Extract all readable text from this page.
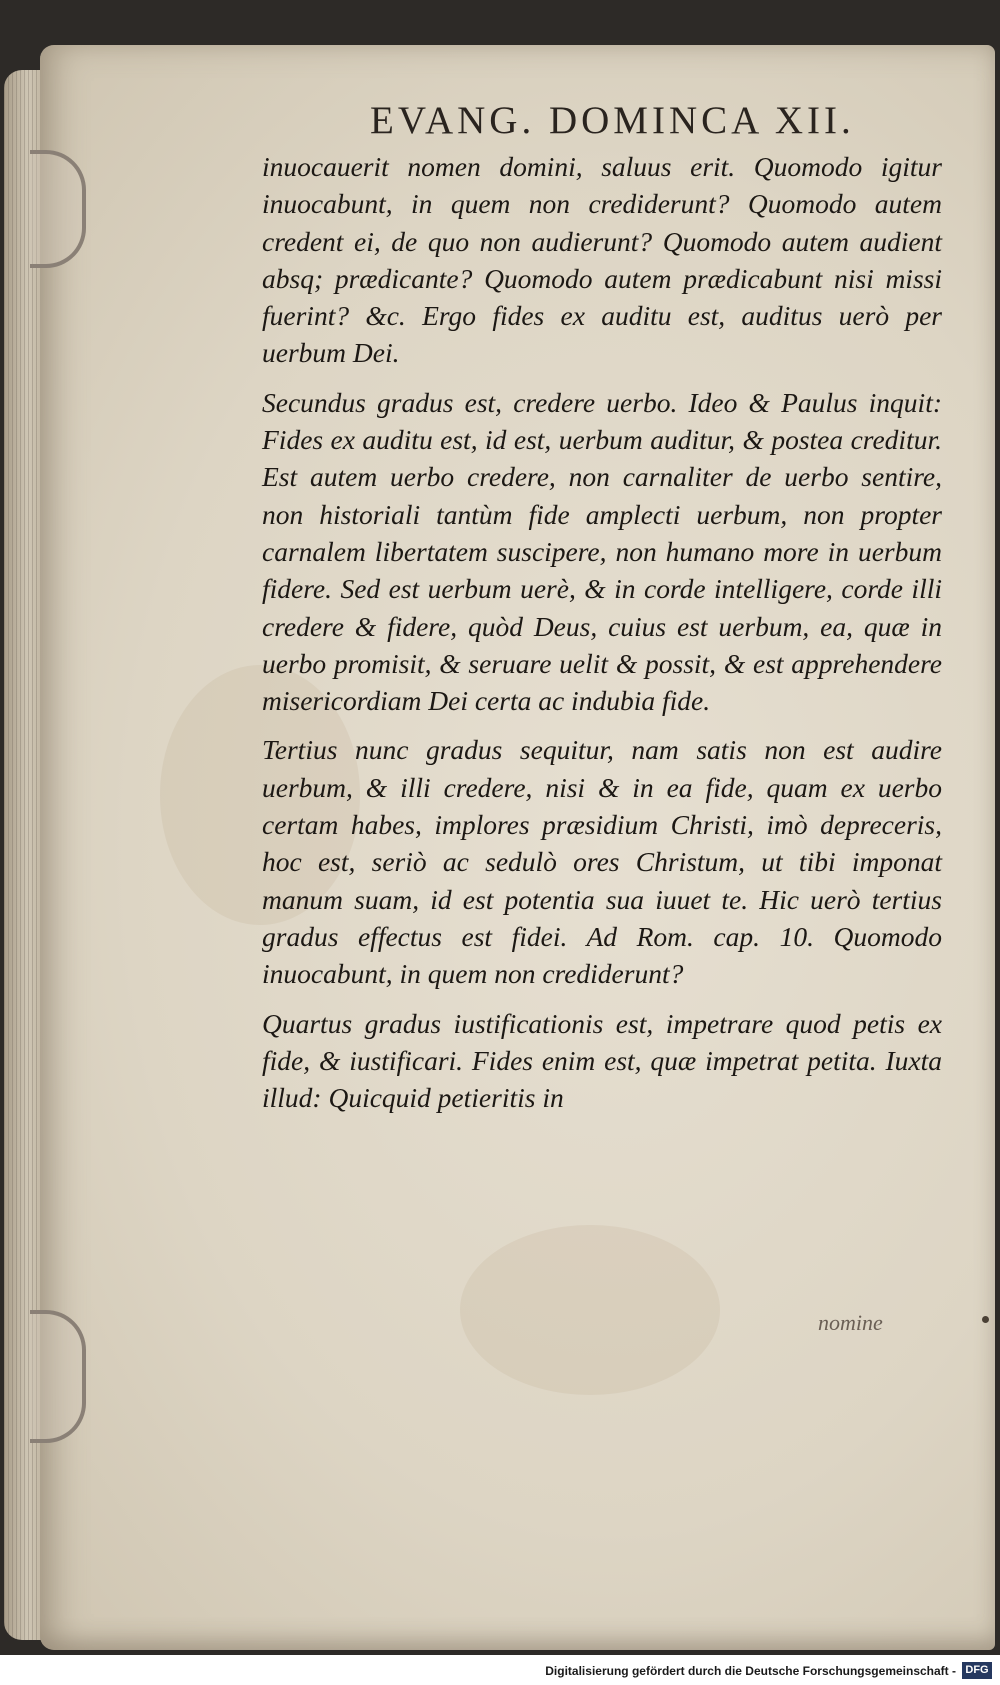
EVANG. DOMINCA XII.

inuocauerit nomen domini, saluus erit. Quomodo igitur inuocabunt, in quem non crediderunt? Quomodo autem credent ei, de quo non audierunt? Quomodo autem audient absq; prædicante? Quomodo autem prædicabunt nisi missi fuerint? &c. Ergo fides ex auditu est, auditus uerò per uerbum Dei.

Secundus gradus est, credere uerbo. Ideo & Paulus inquit: Fides ex auditu est, id est, uerbum auditur, & postea creditur. Est autem uerbo credere, non carnaliter de uerbo sentire, non historiali tantùm fide amplecti uerbum, non propter carnalem libertatem suscipere, non humano more in uerbum fidere. Sed est uerbum uerè, & in corde intelligere, corde illi credere & fidere, quòd Deus, cuius est uerbum, ea, quæ in uerbo promisit, & seruare uelit & possit, & est apprehendere misericordiam Dei certa ac indubia fide.

Tertius nunc gradus sequitur, nam satis non est audire uerbum, & illi credere, nisi & in ea fide, quam ex uerbo certam habes, implores præsidium Christi, imò depreceris, hoc est, seriò ac sedulò ores Christum, ut tibi imponat manum suam, id est potentia sua iuuet te. Hic uerò tertius gradus effectus est fidei. Ad Rom. cap. 10. Quomodo inuocabunt, in quem non crediderunt?

Quartus gradus iustificationis est, impetrare quod petis ex fide, & iustificari. Fides enim est, quæ impetrat petita. Iuxta illud: Quicquid petieritis in

nomine

Digitalisierung gefördert durch die Deutsche Forschungsgemeinschaft - DFG
